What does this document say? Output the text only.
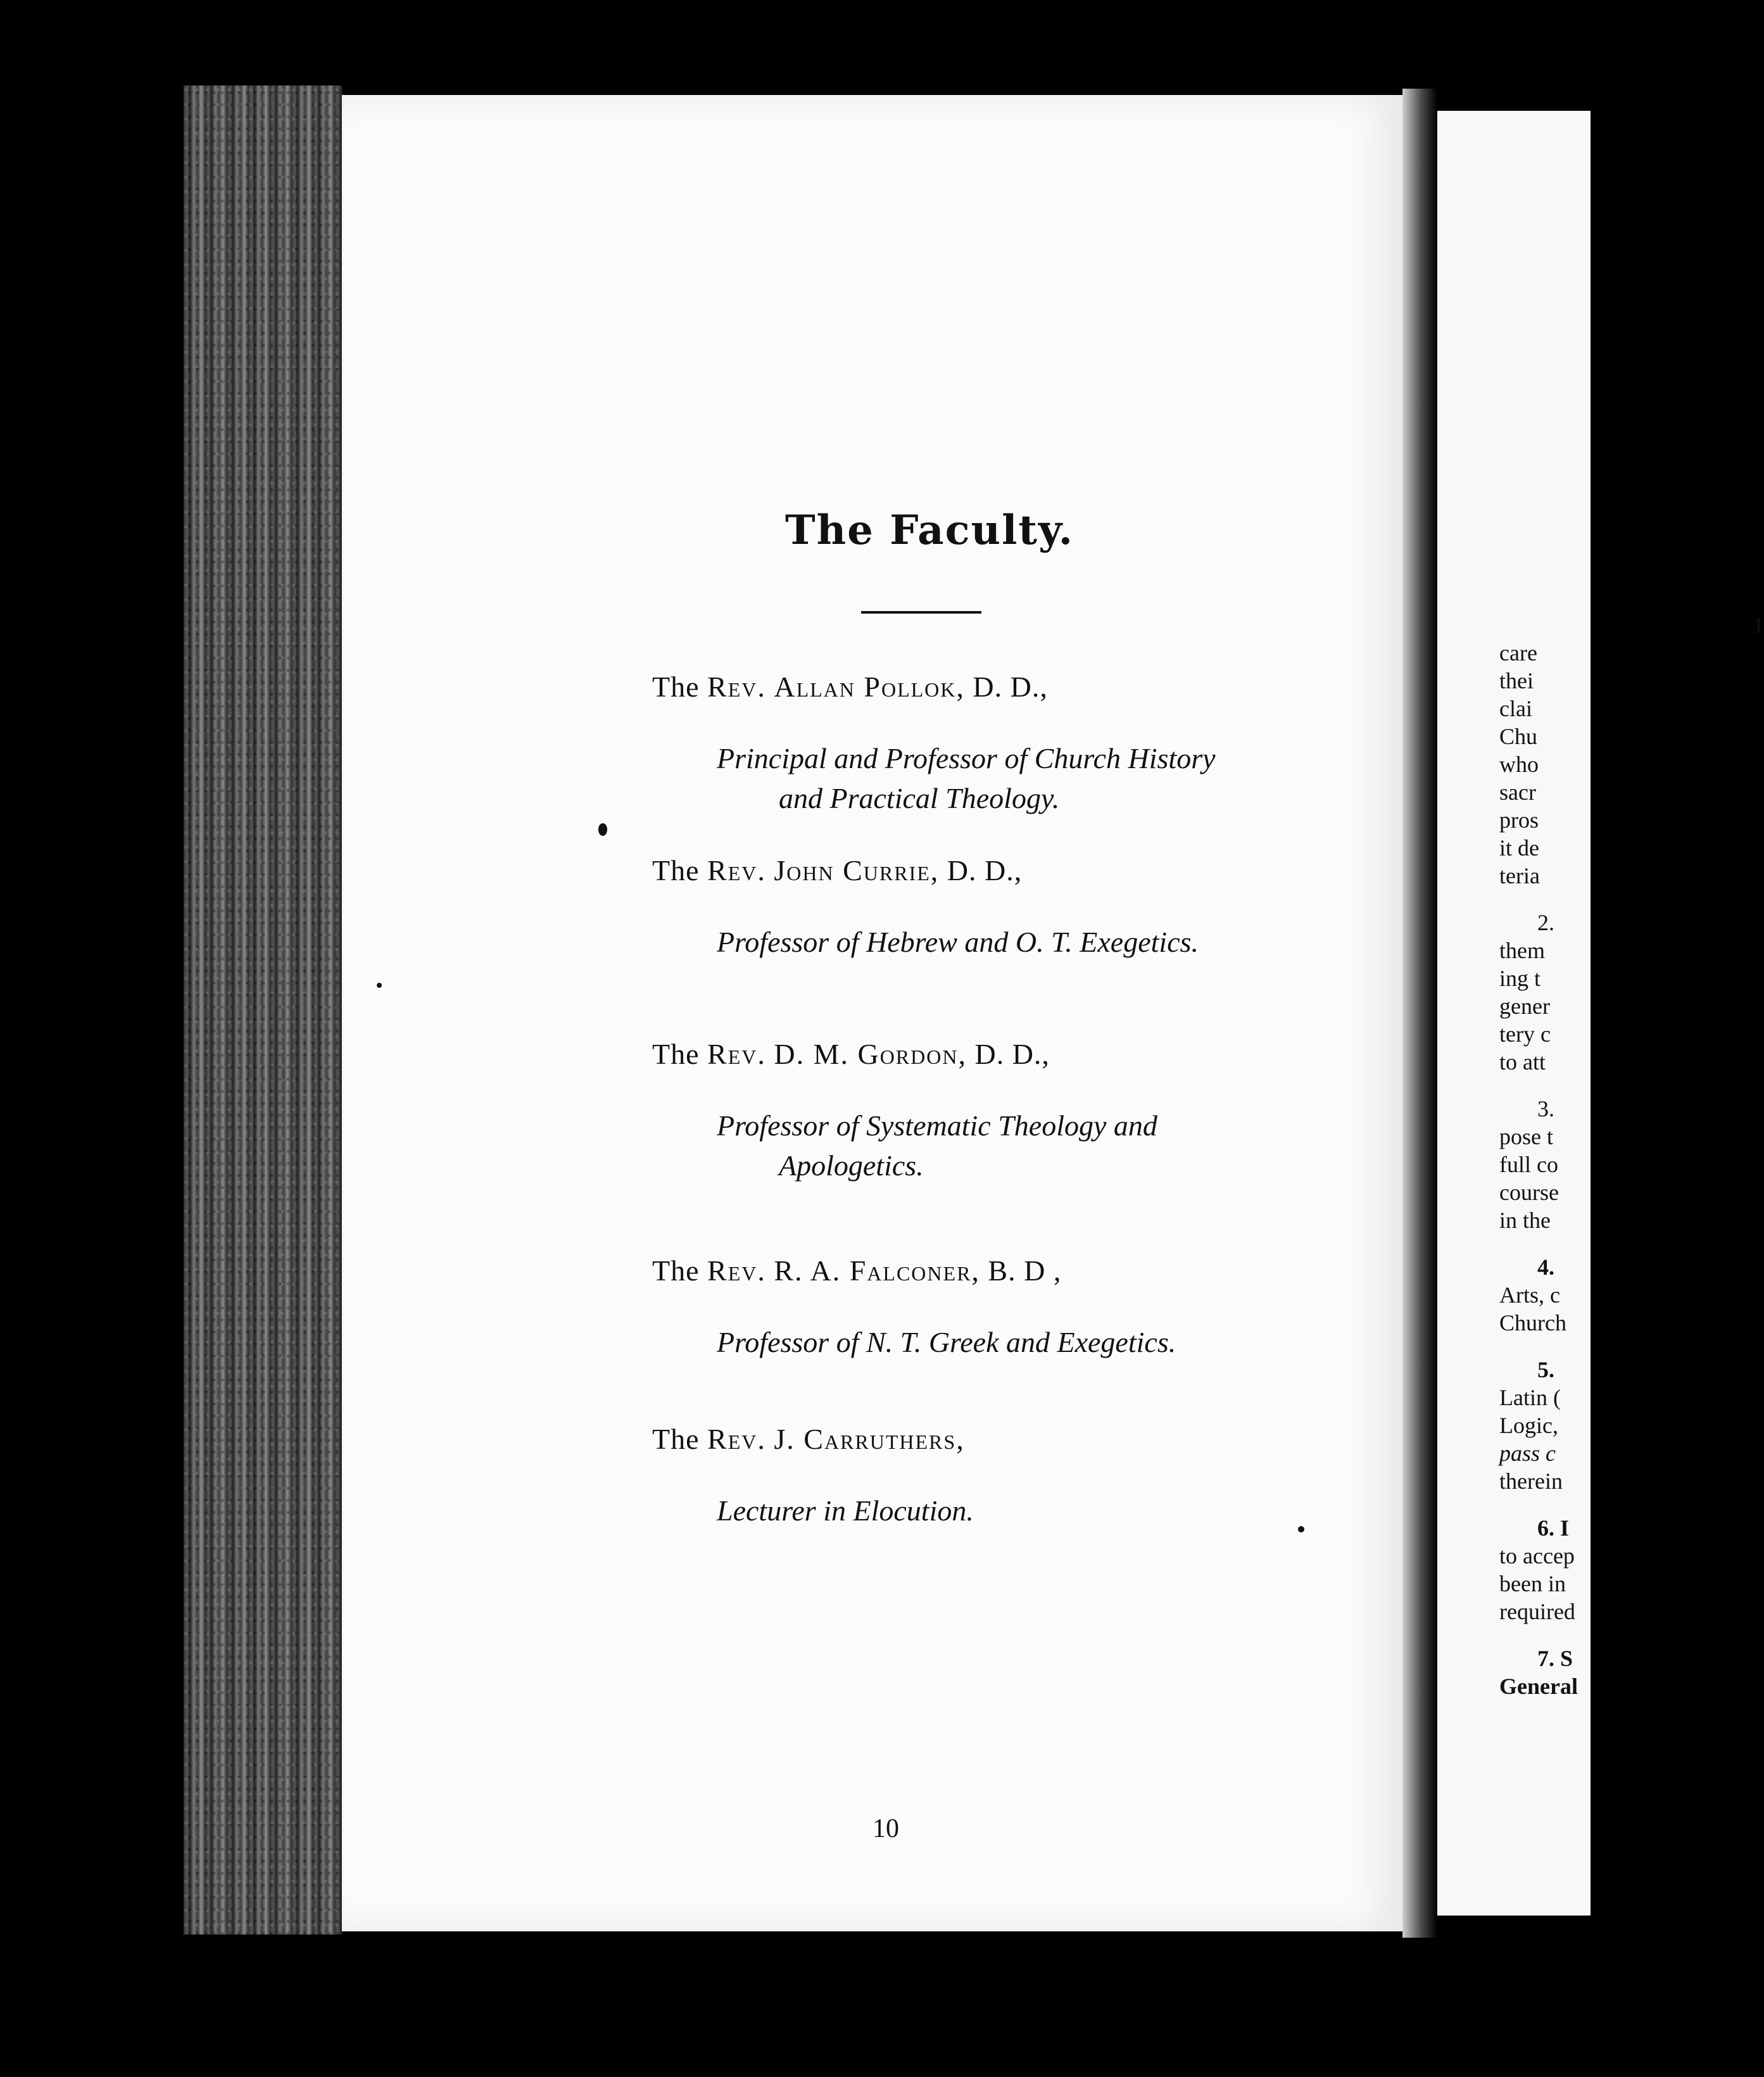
1
care
thei
clai
Chu
who
sacr
pros
it de
teria
2.
them
ing t
gener
tery c
to att
3.
pose t
full co
course
in the
4.
Arts, c
Church
5.
Latin (
Logic,
pass c
therein
6. I
to accep
been in
required
7. S
General
The Faculty.
The Rev. Allan Pollok, D. D.,
Principal and Professor of Church History
and Practical Theology.
The Rev. John Currie, D. D.,
Professor of Hebrew and O. T. Exegetics.
The Rev. D. M. Gordon, D. D.,
Professor of Systematic Theology and
Apologetics.
The Rev. R. A. Falconer, B. D ,
Professor of N. T. Greek and Exegetics.
The Rev. J. Carruthers,
Lecturer in Elocution.
10
